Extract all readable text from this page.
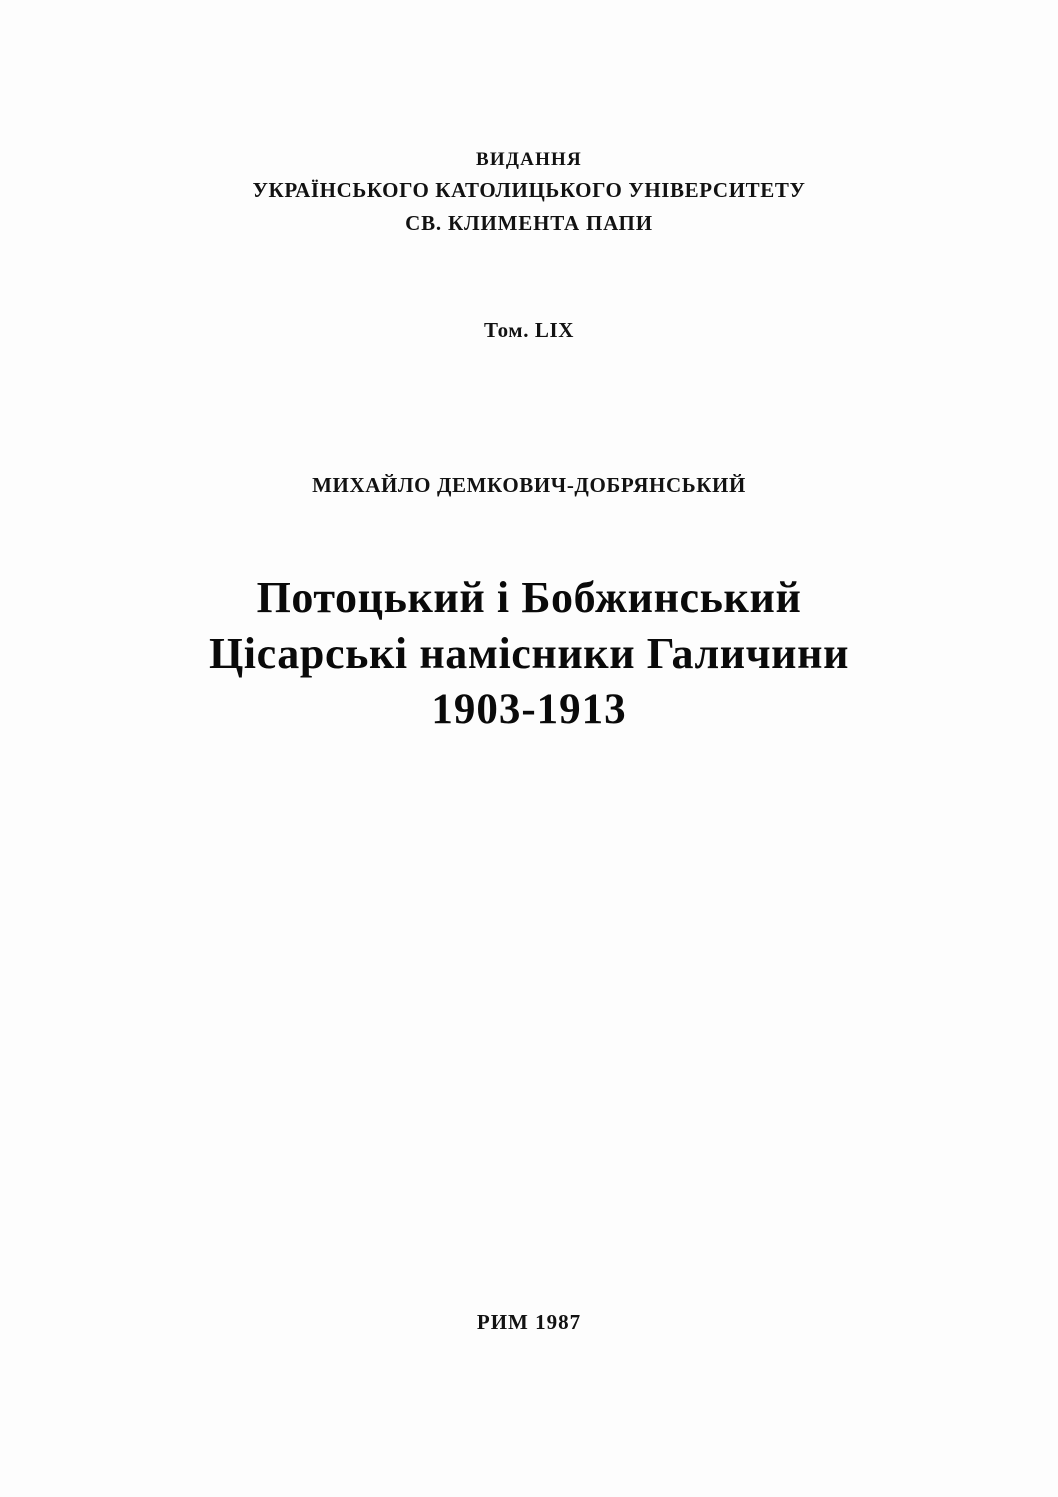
ВИДАННЯ
УКРАЇНСЬКОГО КАТОЛИЦЬКОГО УНІВЕРСИТЕТУ
СВ. КЛИМЕНТА ПАПИ
Том. LIX
МИХАЙЛО ДЕМКОВИЧ-ДОБРЯНСЬКИЙ
Потоцький і Бобжинський
Цісарські намісники Галичини
1903-1913
РИМ 1987
